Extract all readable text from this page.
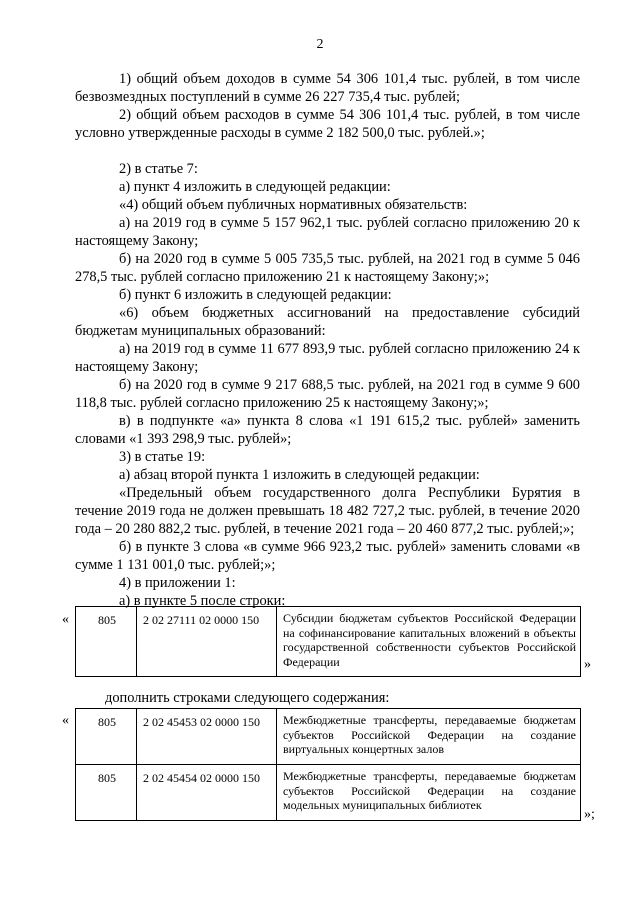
2

1) общий объем доходов в сумме 54 306 101,4 тыс. рублей, в том числе безвозмездных поступлений в сумме 26 227 735,4 тыс. рублей;

2) общий объем расходов в сумме 54 306 101,4 тыс. рублей, в том числе условно утвержденные расходы в сумме 2 182 500,0 тыс. рублей.»;

2) в статье 7:

а) пункт 4 изложить в следующей редакции:

«4) общий объем публичных нормативных обязательств:

а) на 2019 год в сумме 5 157 962,1 тыс. рублей согласно приложению 20 к настоящему Закону;

б) на 2020 год в сумме 5 005 735,5 тыс. рублей, на 2021 год в сумме 5 046 278,5 тыс. рублей согласно приложению 21 к настоящему Закону;»;

б) пункт 6 изложить в следующей редакции:

«6) объем бюджетных ассигнований на предоставление субсидий бюджетам муниципальных образований:

а) на 2019 год в сумме 11 677 893,9 тыс. рублей согласно приложению 24 к настоящему Закону;

б) на 2020 год в сумме 9 217 688,5 тыс. рублей, на 2021 год в сумме 9 600 118,8 тыс. рублей согласно приложению 25 к настоящему Закону;»;

в) в подпункте «а» пункта 8 слова «1 191 615,2 тыс. рублей» заменить словами «1 393 298,9 тыс. рублей»;

3) в статье 19:

а) абзац второй пункта 1 изложить в следующей редакции:

«Предельный объем государственного долга Республики Бурятия в течение 2019 года не должен превышать 18 482 727,2 тыс. рублей, в течение 2020 года – 20 280 882,2 тыс. рублей, в течение 2021 года – 20 460 877,2 тыс. рублей;»;

б) в пункте 3 слова «в сумме 966 923,2 тыс. рублей» заменить словами «в сумме 1 131 001,0 тыс. рублей;»;

4) в приложении 1:

а) в пункте 5 после строки:

« 805	2 02 27111 02 0000 150	Субсидии бюджетам субъектов Российской Федерации на софинансирование капитальных вложений в объекты государственной собственности субъектов Российской Федерации	»
дополнить строками следующего содержания:
« 805	2 02 45453 02 0000 150	Межбюджетные трансферты, передаваемые бюджетам субъектов Российской Федерации на создание виртуальных концертных залов
805	2 02 45454 02 0000 150	Межбюджетные трансферты, передаваемые бюджетам субъектов Российской Федерации на создание модельных муниципальных библиотек
»;
